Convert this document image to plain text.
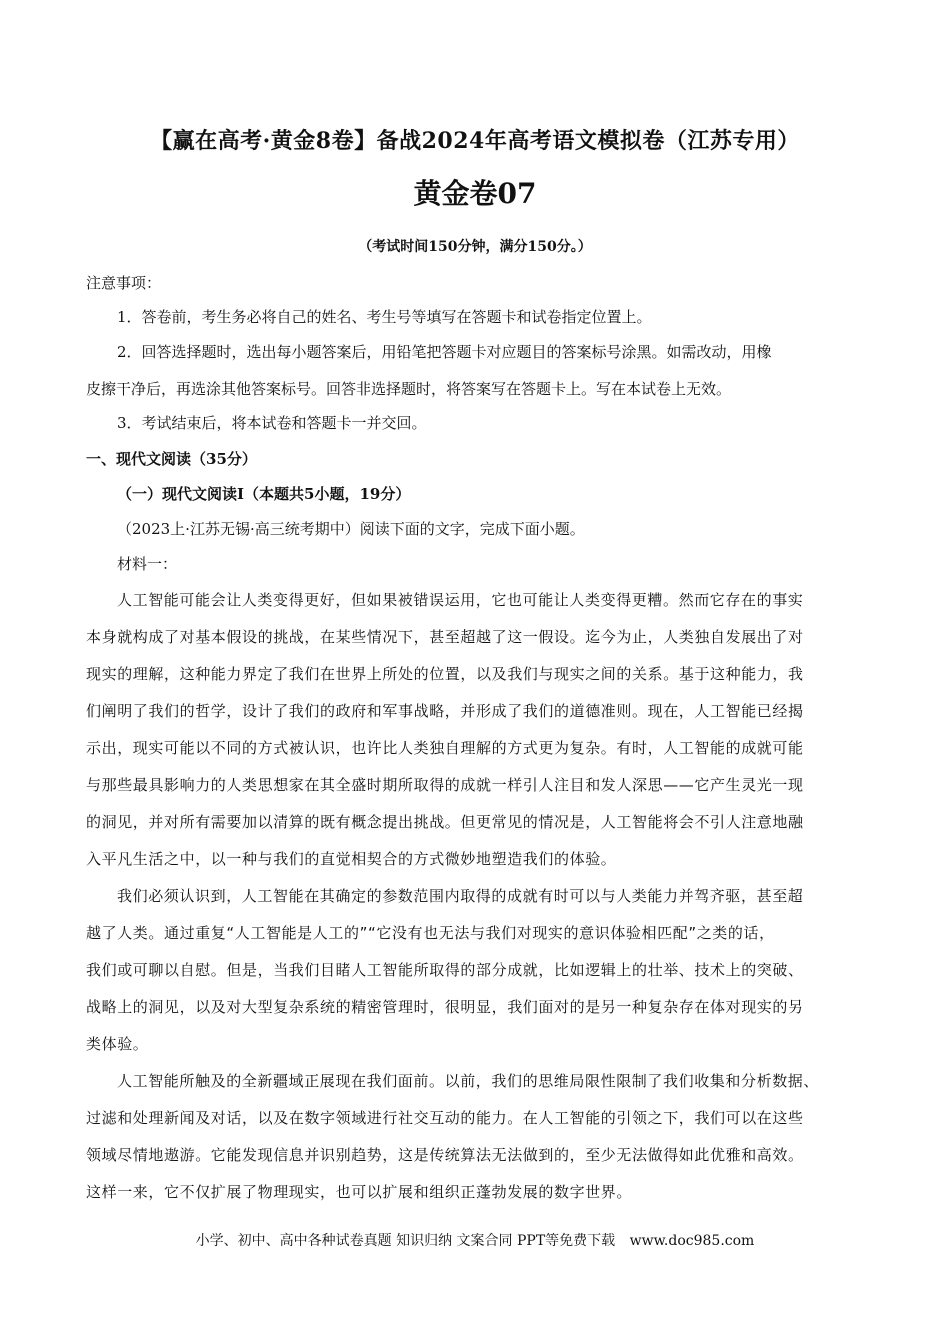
【赢在高考·黄金8卷】备战2024年高考语文模拟卷（江苏专用）
黄金卷07
（考试时间150分钟，满分150分。）
注意事项：
1．答卷前，考生务必将自己的姓名、考生号等填写在答题卡和试卷指定位置上。
2．回答选择题时，选出每小题答案后，用铅笔把答题卡对应题目的答案标号涂黑。如需改动，用橡
皮擦干净后，再选涂其他答案标号。回答非选择题时，将答案写在答题卡上。写在本试卷上无效。
3．考试结束后，将本试卷和答题卡一并交回。
一、现代文阅读（35分）
（一）现代文阅读Ⅰ（本题共5小题，19分）
（2023上·江苏无锡·高三统考期中）阅读下面的文字，完成下面小题。
材料一：
人工智能可能会让人类变得更好，但如果被错误运用，它也可能让人类变得更糟。然而它存在的事实
本身就构成了对基本假设的挑战，在某些情况下，甚至超越了这一假设。迄今为止，人类独自发展出了对
现实的理解，这种能力界定了我们在世界上所处的位置，以及我们与现实之间的关系。基于这种能力，我
们阐明了我们的哲学，设计了我们的政府和军事战略，并形成了我们的道德准则。现在，人工智能已经揭
示出，现实可能以不同的方式被认识，也许比人类独自理解的方式更为复杂。有时，人工智能的成就可能
与那些最具影响力的人类思想家在其全盛时期所取得的成就一样引人注目和发人深思——它产生灵光一现
的洞见，并对所有需要加以清算的既有概念提出挑战。但更常见的情况是，人工智能将会不引人注意地融
入平凡生活之中，以一种与我们的直觉相契合的方式微妙地塑造我们的体验。
我们必须认识到，人工智能在其确定的参数范围内取得的成就有时可以与人类能力并驾齐驱，甚至超
越了人类。通过重复“人工智能是人工的”“它没有也无法与我们对现实的意识体验相匹配”之类的话，
我们或可聊以自慰。但是，当我们目睹人工智能所取得的部分成就，比如逻辑上的壮举、技术上的突破、
战略上的洞见，以及对大型复杂系统的精密管理时，很明显，我们面对的是另一种复杂存在体对现实的另
类体验。
人工智能所触及的全新疆域正展现在我们面前。以前，我们的思维局限性限制了我们收集和分析数据、
过滤和处理新闻及对话，以及在数字领域进行社交互动的能力。在人工智能的引领之下，我们可以在这些
领域尽情地遨游。它能发现信息并识别趋势，这是传统算法无法做到的，至少无法做得如此优雅和高效。
这样一来，它不仅扩展了物理现实，也可以扩展和组织正蓬勃发展的数字世界。
小学、初中、高中各种试卷真题 知识归纳 文案合同 PPT等免费下载 www.doc985.com
